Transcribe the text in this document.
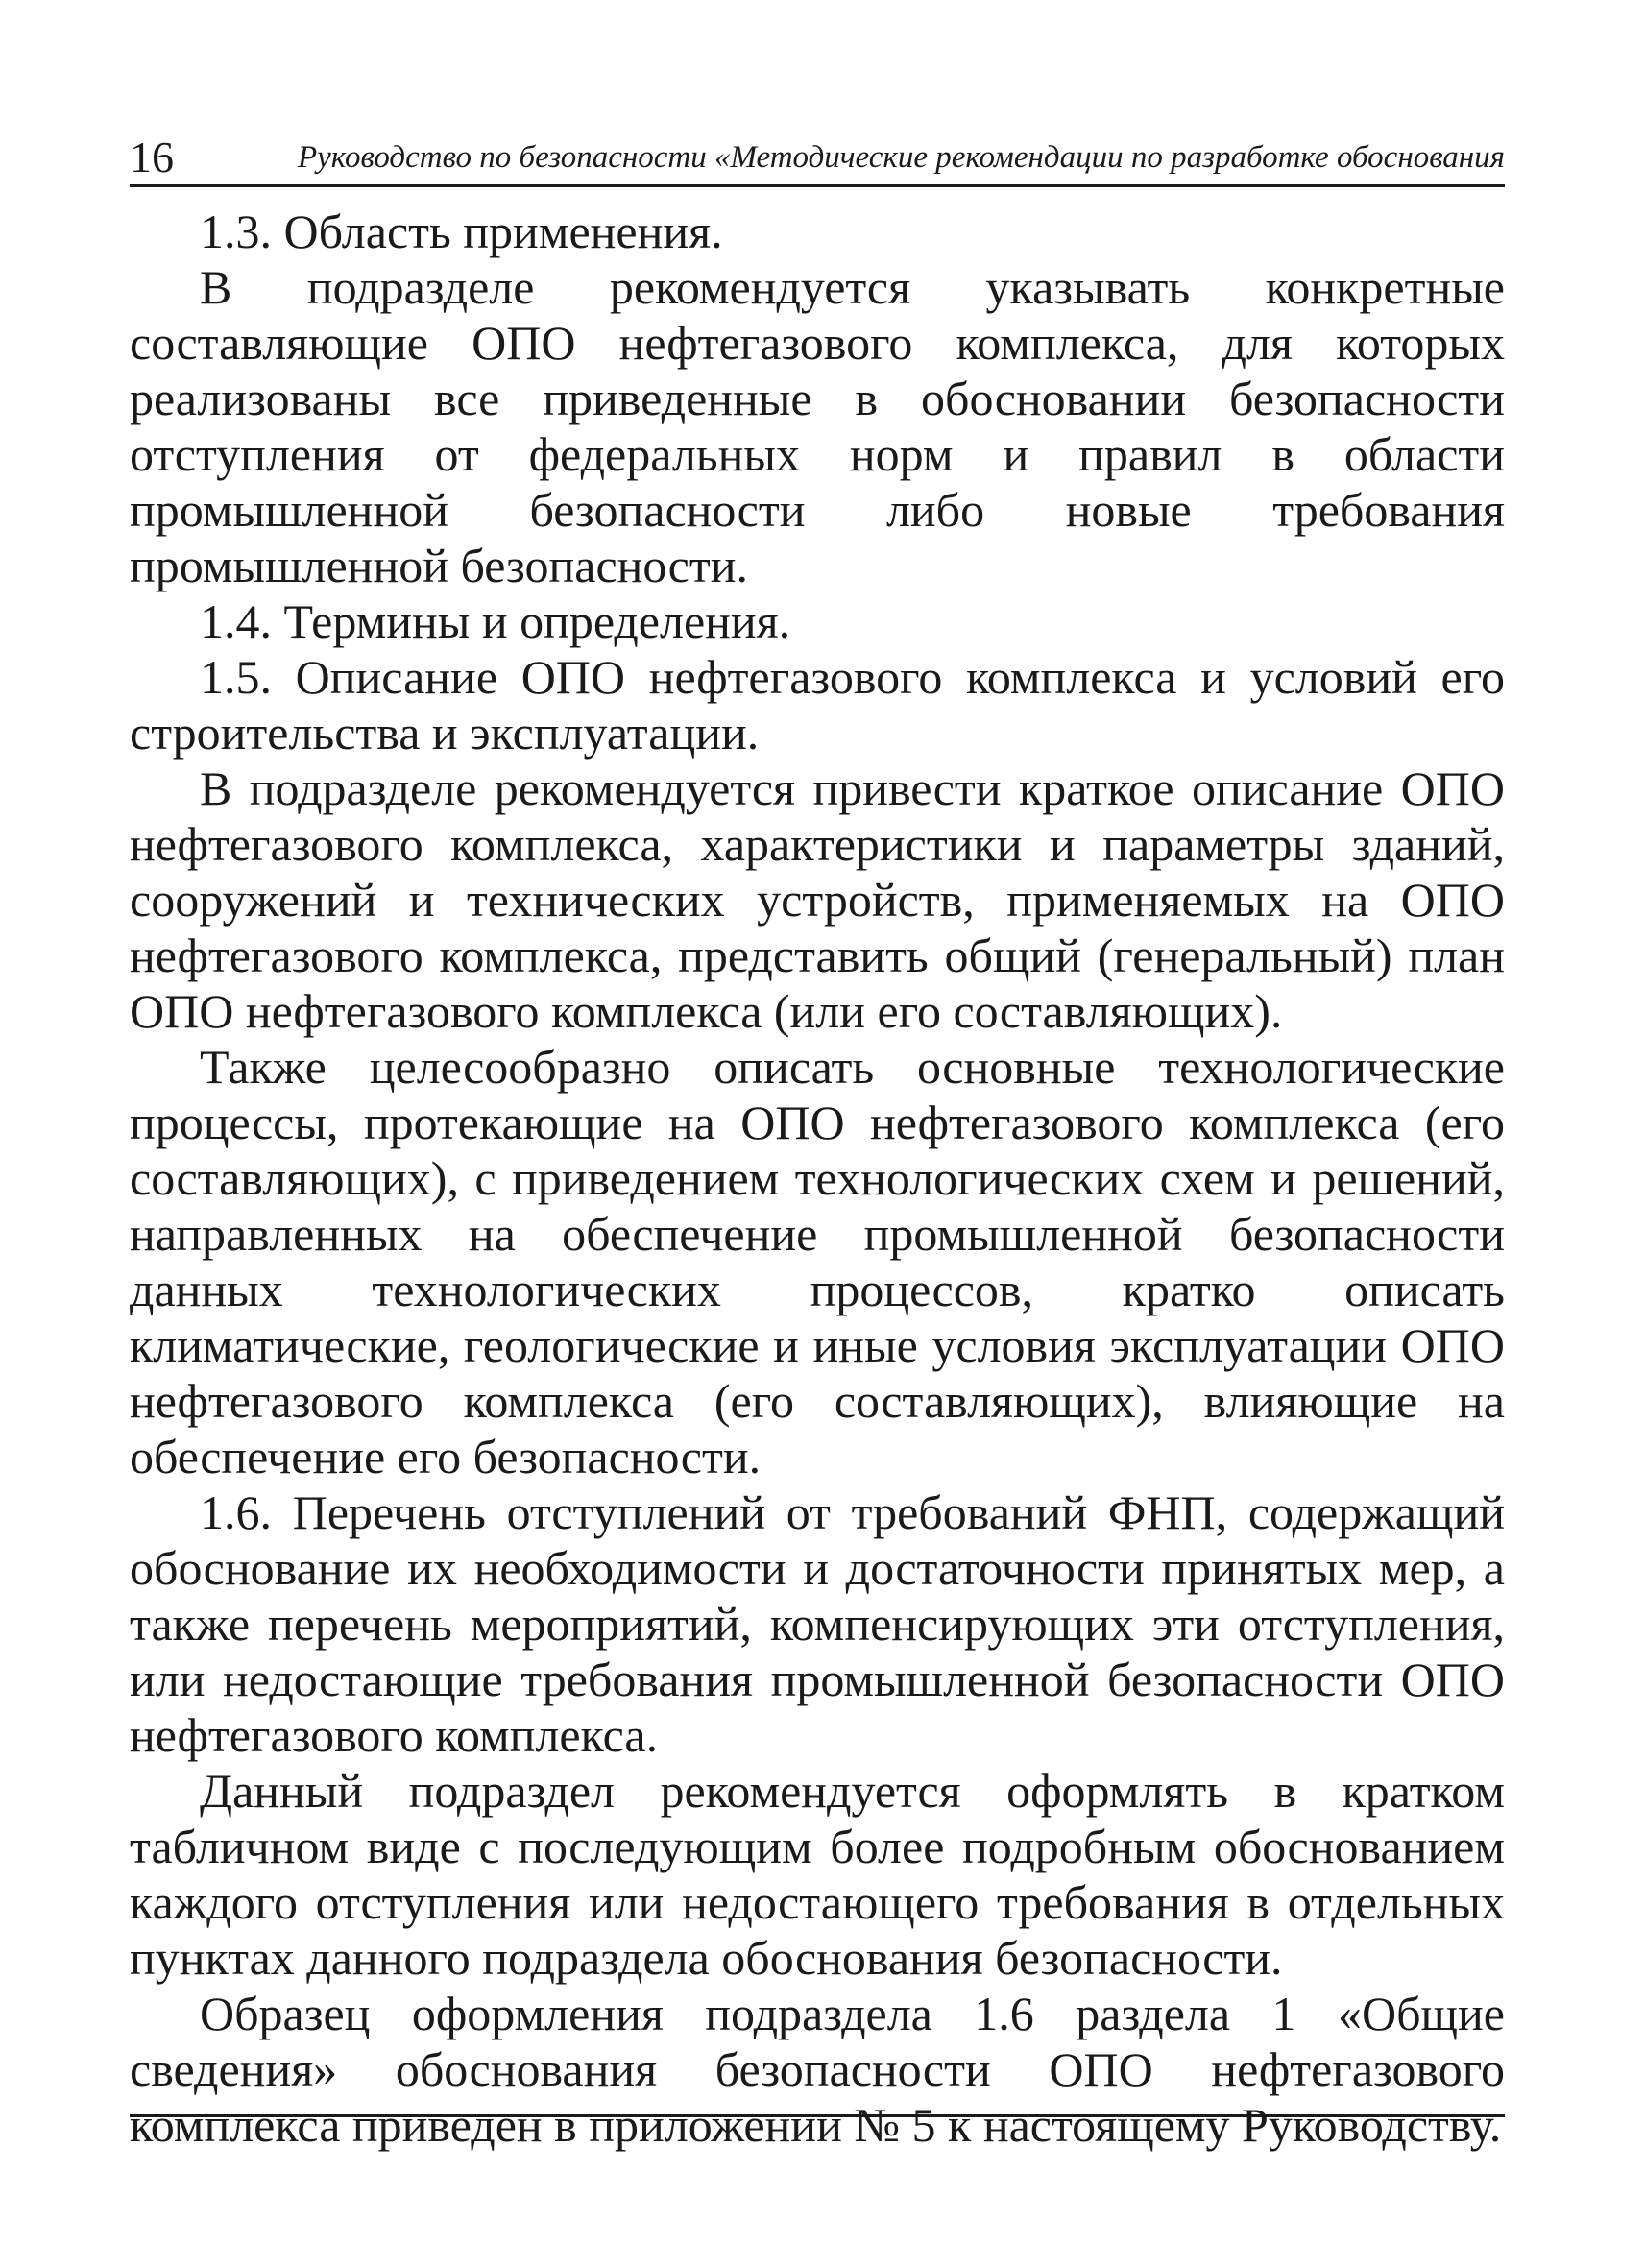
16	Руководство по безопасности «Методические рекомендации по разработке обоснования

1.3. Область применения.

В подразделе рекомендуется указывать конкретные составляющие ОПО нефтегазового комплекса, для которых реализованы все приведенные в обосновании безопасности отступления от федеральных норм и правил в области промышленной безопасности либо новые требования промышленной безопасности.

1.4. Термины и определения.

1.5. Описание ОПО нефтегазового комплекса и условий его строительства и эксплуатации.

В подразделе рекомендуется привести краткое описание ОПО нефтегазового комплекса, характеристики и параметры зданий, сооружений и технических устройств, применяемых на ОПО нефтегазового комплекса, представить общий (генеральный) план ОПО нефтегазового комплекса (или его составляющих).

Также целесообразно описать основные технологические процессы, протекающие на ОПО нефтегазового комплекса (его составляющих), с приведением технологических схем и решений, направленных на обеспечение промышленной безопасности данных технологических процессов, кратко описать климатические, геологические и иные условия эксплуатации ОПО нефтегазового комплекса (его составляющих), влияющие на обеспечение его безопасности.

1.6. Перечень отступлений от требований ФНП, содержащий обоснование их необходимости и достаточности принятых мер, а также перечень мероприятий, компенсирующих эти отступления, или недостающие требования промышленной безопасности ОПО нефтегазового комплекса.

Данный подраздел рекомендуется оформлять в кратком табличном виде с последующим более подробным обоснованием каждого отступления или недостающего требования в отдельных пунктах данного подраздела обоснования безопасности.

Образец оформления подраздела 1.6 раздела 1 «Общие сведения» обоснования безопасности ОПО нефтегазового комплекса приведен в приложении № 5 к настоящему Руководству.
